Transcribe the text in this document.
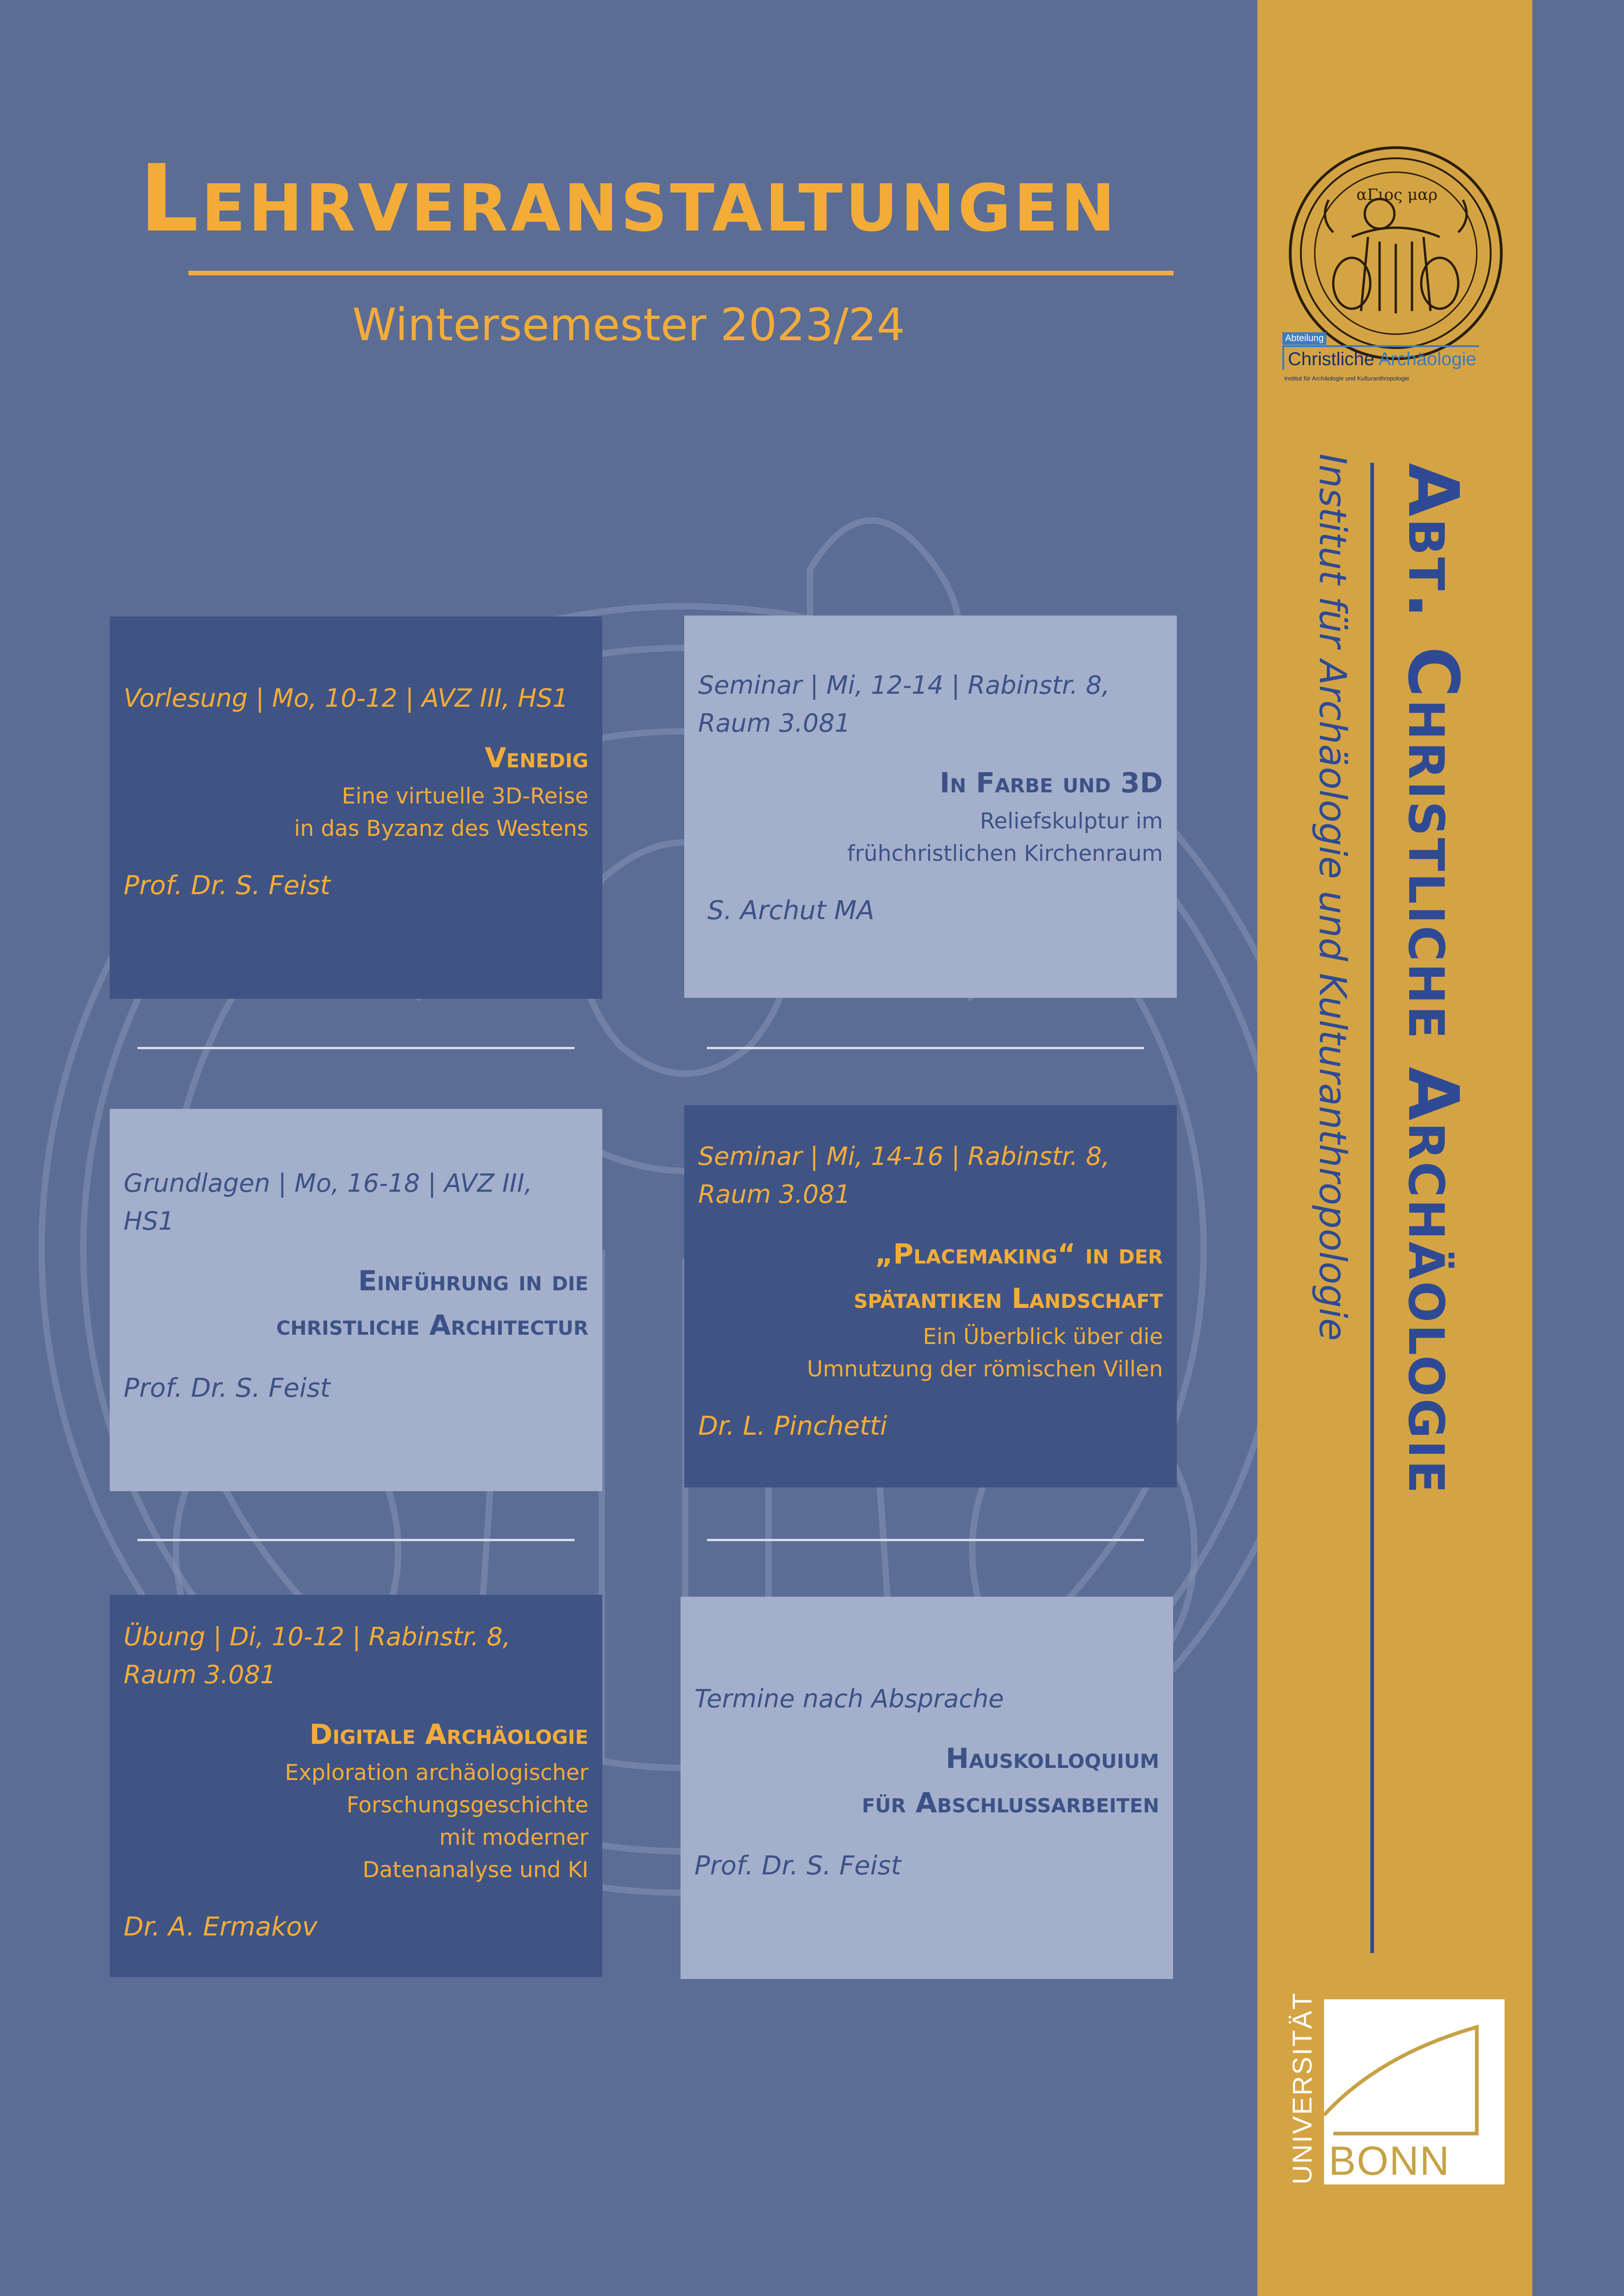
Lehrveranstaltungen
Wintersemester 2023/24
Vorlesung | Mo, 10-12 | AVZ III, HS1
Venedig
Eine virtuelle 3D-Reise
in das Byzanz des Westens
Prof. Dr. S. Feist
Seminar | Mi, 12-14 | Rabinstr. 8, Raum 3.081
In Farbe und 3D
Reliefskulptur im
frühchristlichen Kirchenraum
S. Archut MA
Grundlagen | Mo, 16-18 | AVZ III, HS1
Einführung in die
christliche Architectur
Prof. Dr. S. Feist
Seminar | Mi, 14-16 | Rabinstr. 8, Raum 3.081
„Placemaking“ in der
spätantiken Landschaft
Ein Überblick über die
Umnutzung der römischen Villen
Dr. L. Pinchetti
Übung | Di, 10-12 | Rabinstr. 8, Raum 3.081
Digitale Archäologie
Exploration archäologischer
Forschungsgeschichte
mit moderner
Datenanalyse und KI
Dr. A. Ermakov
Termine nach Absprache
Hauskolloquium
für Abschlussarbeiten
Prof. Dr. S. Feist
αΓιος μαρ
Abteilung
Christliche Archäologie
Institut für Archäologie und Kulturanthropologie
Abt. Christliche Archäologie
Institut für Archäologie und Kulturanthropologie
UNIVERSITÄT BONN
